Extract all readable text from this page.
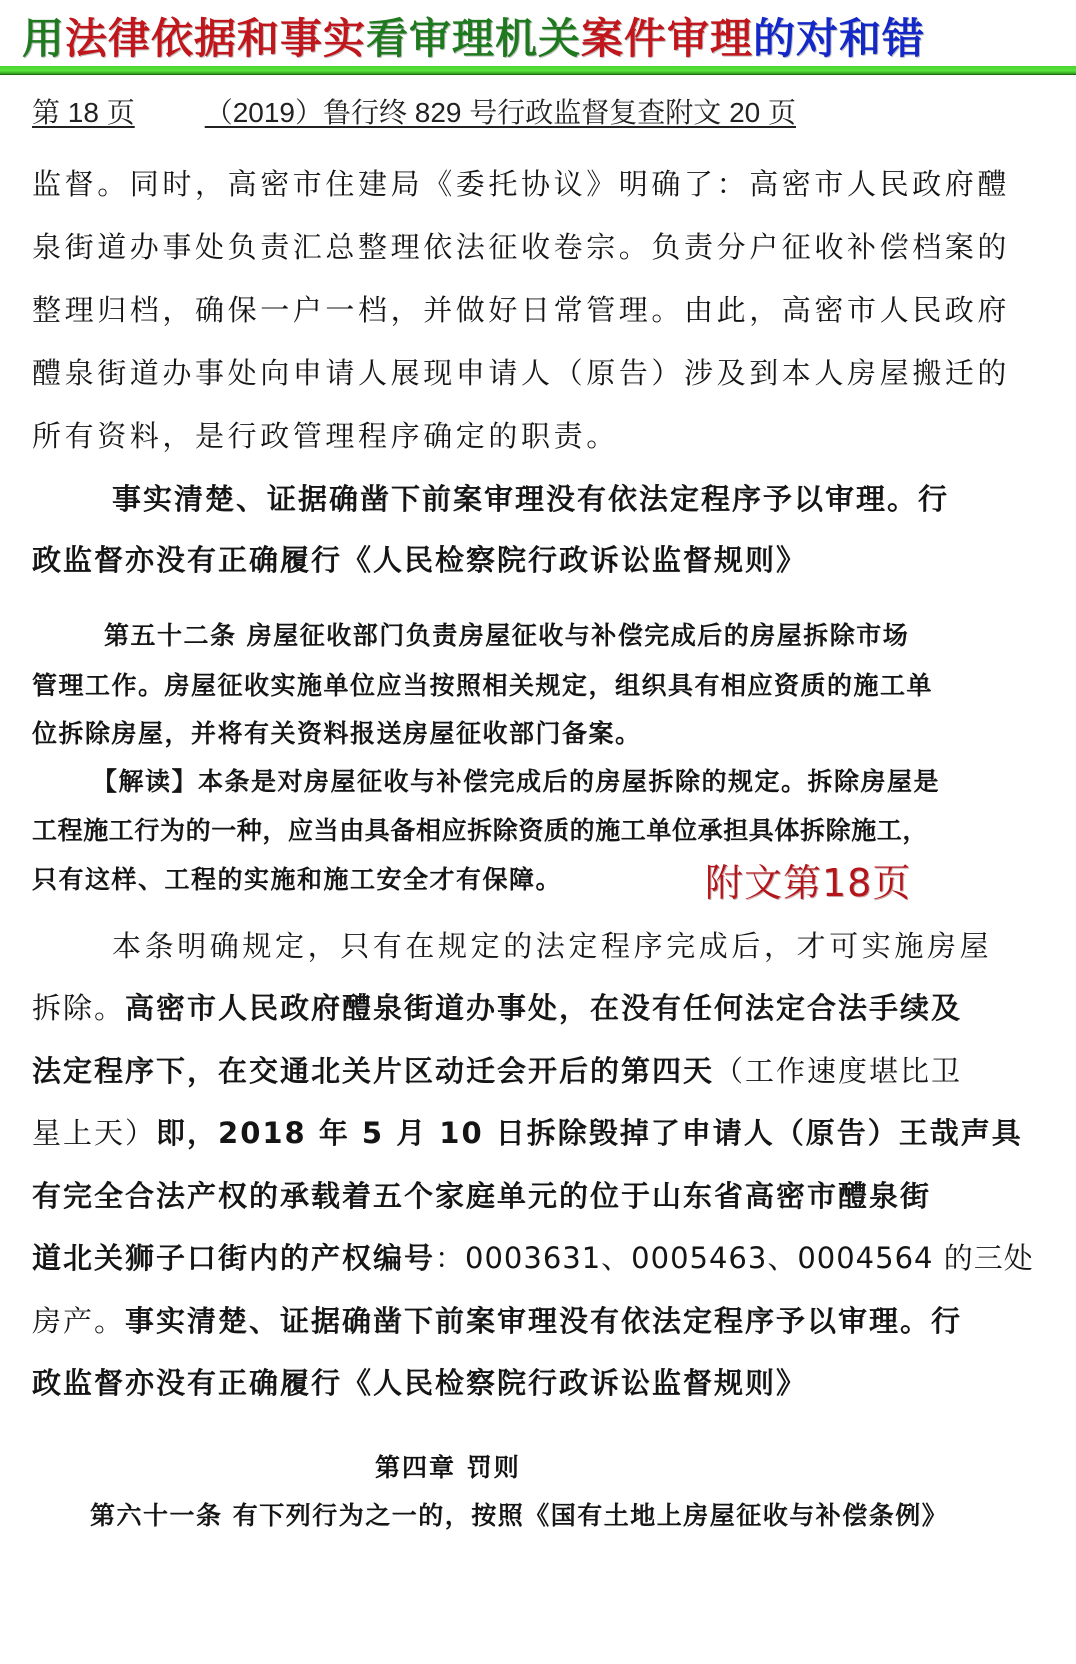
用法律依据和事实看审理机关案件审理的对和错
第 18 页	（2019）鲁行终 829 号行政监督复查附文 20 页
监督。同时，高密市住建局《委托协议》明确了：高密市人民政府醴
泉街道办事处负责汇总整理依法征收卷宗。负责分户征收补偿档案的
整理归档，确保一户一档，并做好日常管理。由此，高密市人民政府
醴泉街道办事处向申请人展现申请人（原告）涉及到本人房屋搬迁的
所有资料，是行政管理程序确定的职责。
事实清楚、证据确凿下前案审理没有依法定程序予以审理。行
政监督亦没有正确履行《人民检察院行政诉讼监督规则》
第五十二条 房屋征收部门负责房屋征收与补偿完成后的房屋拆除市场
管理工作。房屋征收实施单位应当按照相关规定，组织具有相应资质的施工单
位拆除房屋，并将有关资料报送房屋征收部门备案。
【解读】本条是对房屋征收与补偿完成后的房屋拆除的规定。拆除房屋是
工程施工行为的一种，应当由具备相应拆除资质的施工单位承担具体拆除施工，
只有这样、工程的实施和施工安全才有保障。	附文第18页
本条明确规定，只有在规定的法定程序完成后，才可实施房屋
拆除。高密市人民政府醴泉街道办事处，在没有任何法定合法手续及
法定程序下，在交通北关片区动迁会开后的第四天（工作速度堪比卫
星上天）即，2018 年 5 月 10 日拆除毁掉了申请人（原告）王哉声具
有完全合法产权的承载着五个家庭单元的位于山东省高密市醴泉街
道北关狮子口街内的产权编号：0003631、0005463、0004564 的三处
房产。事实清楚、证据确凿下前案审理没有依法定程序予以审理。行
政监督亦没有正确履行《人民检察院行政诉讼监督规则》
第四章 罚则
第六十一条 有下列行为之一的，按照《国有土地上房屋征收与补偿条例》
